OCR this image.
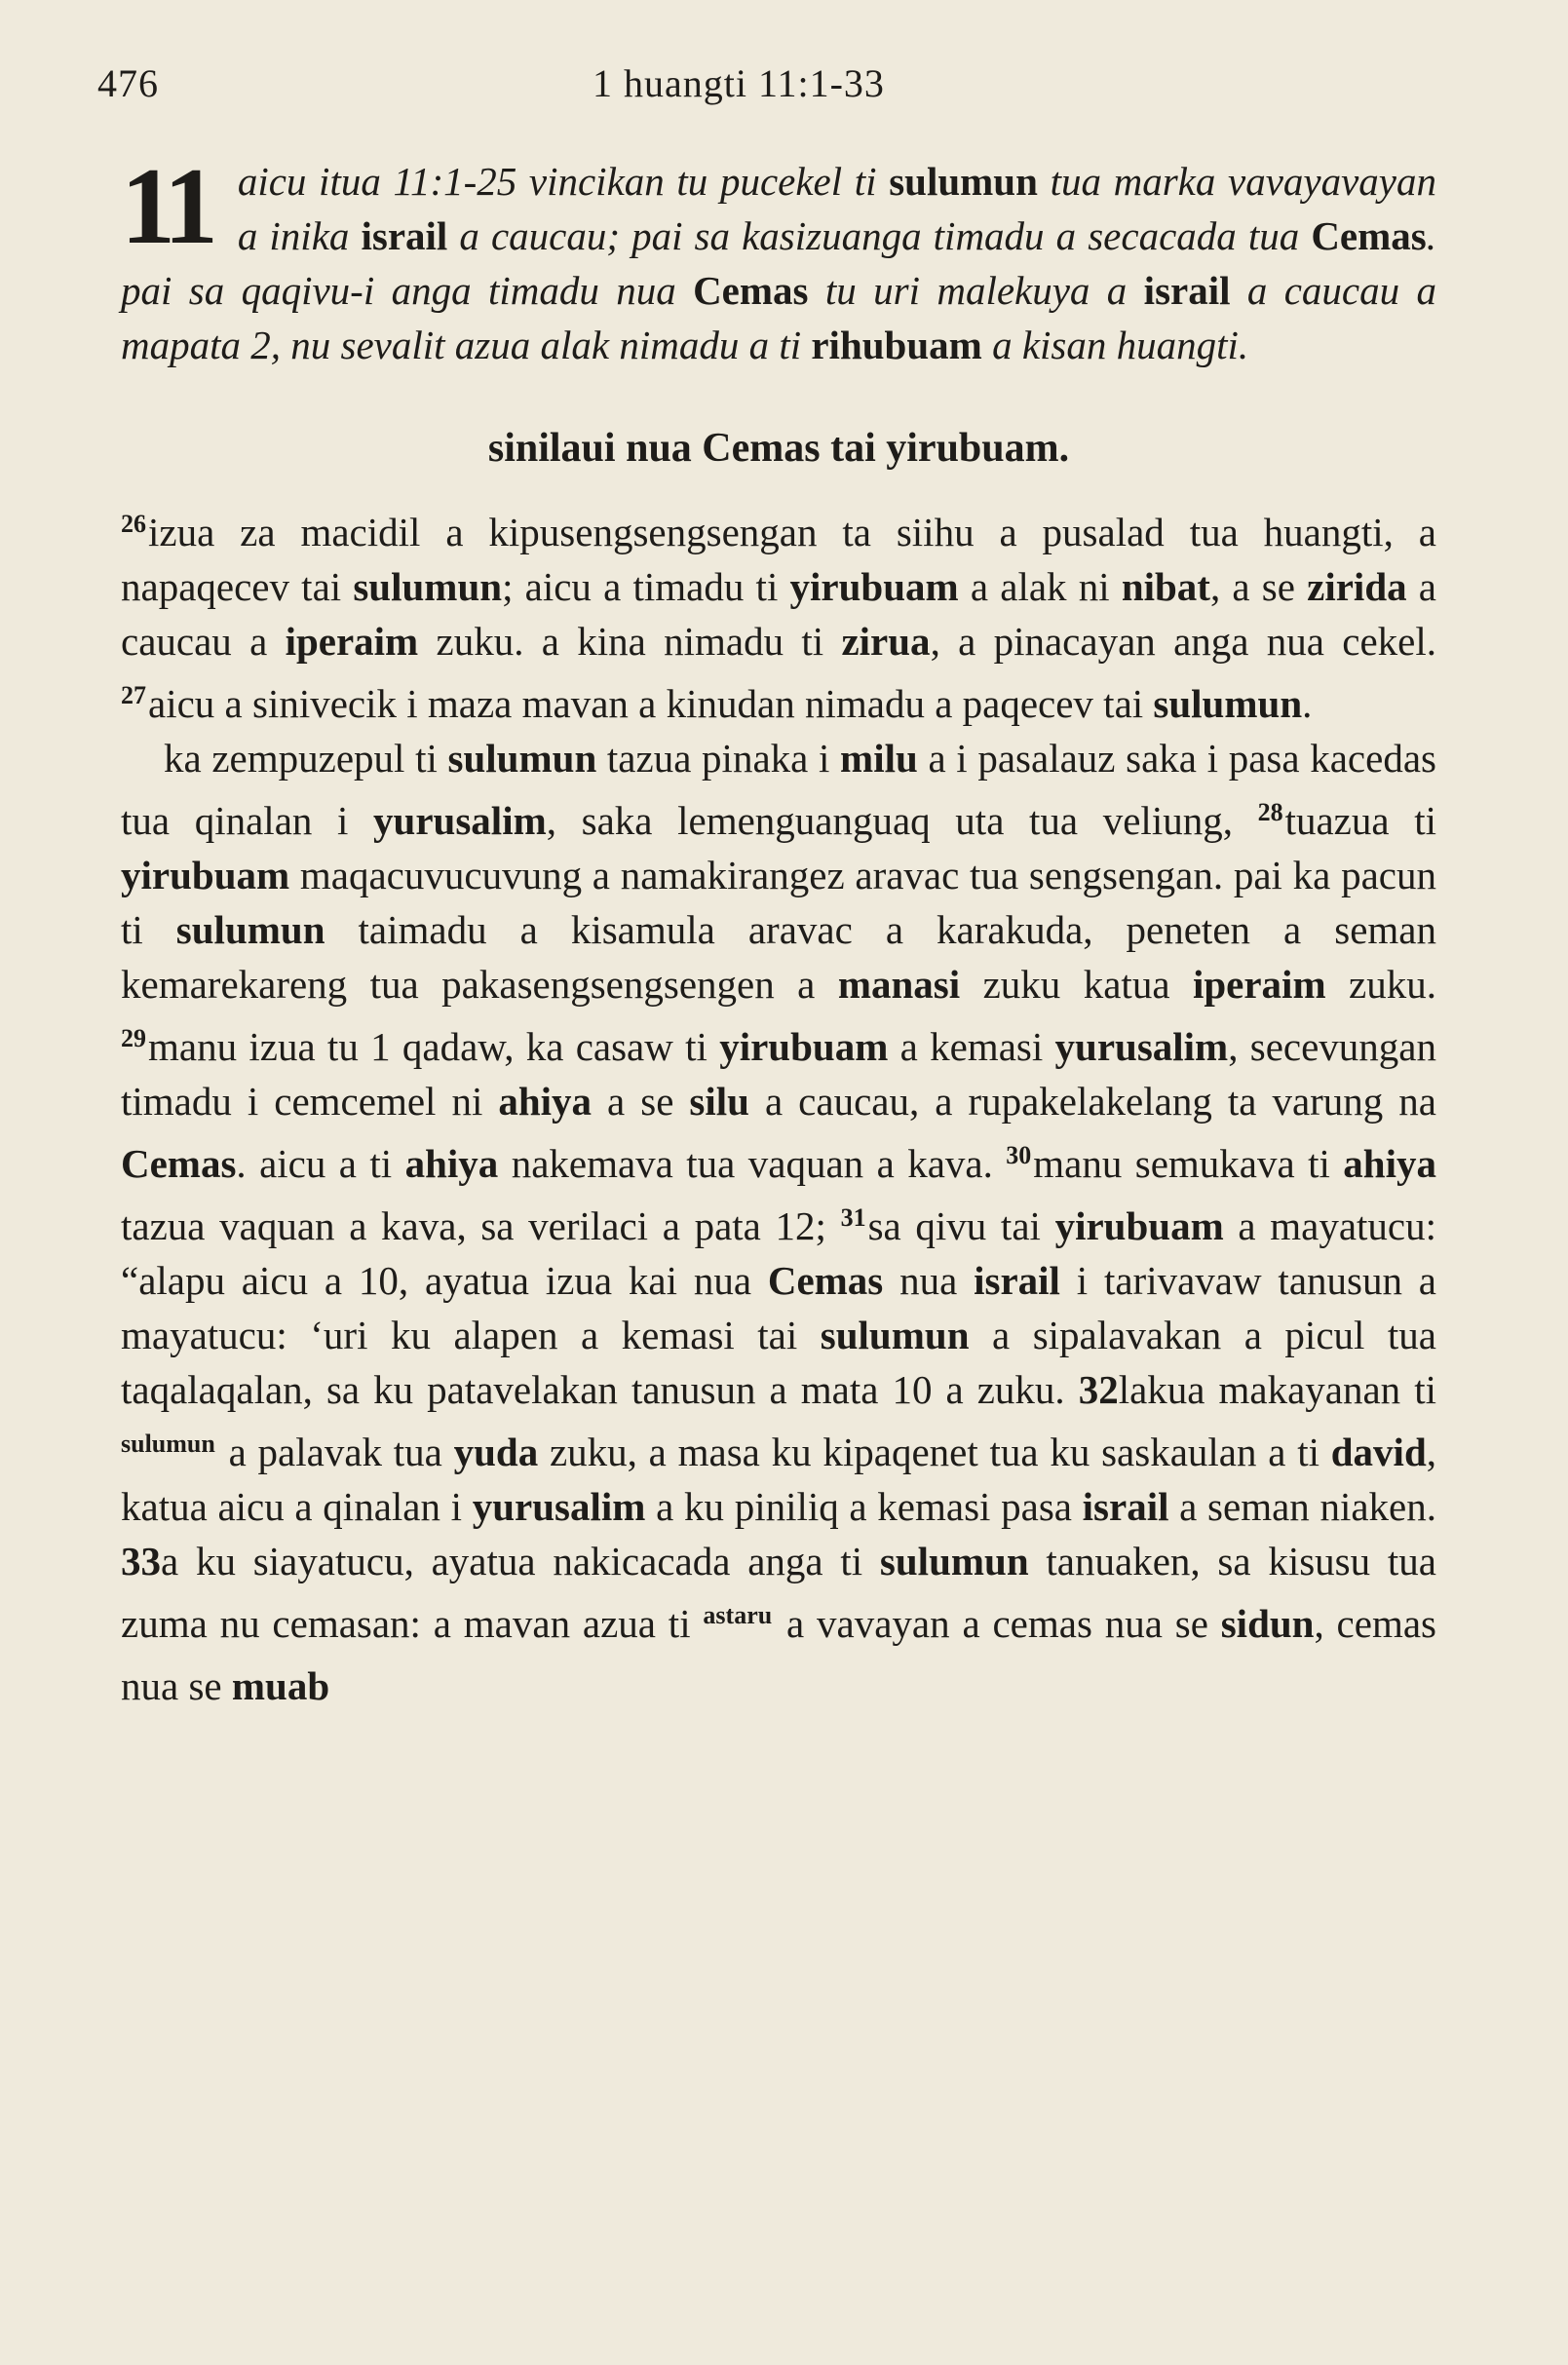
476	1 huangti 11:1-33
11 aicu itua 11:1-25 vincikan tu pucekel ti sulumun tua marka vavayavayan a inika israil a caucau; pai sa kasizuanga timadu a secacada tua Cemas. pai sa qaqivu-i anga timadu nua Cemas tu uri malekuya a israil a caucau a mapata 2, nu sevalit azua alak nimadu a ti rihubuam a kisan huangti.
sinilaui nua Cemas tai yirubuam.

$^{26}$izua za macidil a kipusengsengsengan ta siihu a pusalad tua huangti, a napaqecev tai sulumun; aicu a timadu ti yirubuam a alak ni nibat, a se zirida a caucau a iperaim zuku. a kina nimadu ti zirua, a pinacayan anga nua cekel. $^{27}$aicu a sinivecik i maza mavan a kinudan nimadu a paqecev tai sulumun.

ka zempuzepul ti sulumun tazua pinaka i milu a i pasalauz saka i pasa kacedas tua qinalan i yurusalim, saka lemenguanguaq uta tua veliung, $^{28}$tuazua ti yirubuam maqacuvucuvung a namakirangez aravac tua sengsengan. pai ka pacun ti sulumun taimadu a kisamula aravac a karakuda, peneten a seman kemarekareng tua pakasengsengsengen a manasi zuku katua iperaim zuku. $^{29}$manu izua tu 1 qadaw, ka casaw ti yirubuam a kemasi yurusalim, secevungan timadu i cemcemel ni ahiya a se silu a caucau, a rupakelakelang ta varung na Cemas. aicu a ti ahiya nakemava tua vaquan a kava. $^{30}$manu semukava ti ahiya tazua vaquan a kava, sa verilaci a pata 12; $^{31}$sa qivu tai yirubuam a mayatucu: “alapu aicu a 10, ayatua izua kai nua Cemas nua israil i tarivavaw tanusun a mayatucu: ‘uri ku alapen a kemasi tai sulumun a sipalavakan a picul tua taqalaqalan, sa ku patavelakan tanusun a mata 10 a zuku. 32lakua makayanan ti $^{sulumun}$ a palavak tua yuda zuku, a masa ku kipaqenet tua ku saskaulan a ti david, katua aicu a qinalan i yurusalim a ku piniliq a kemasi pasa israil a seman niaken. 33a ku siayatucu, ayatua nakicacada anga ti sulumun tanuaken, sa kisusu tua zuma nu cemasan: a mavan azua ti $^{astaru}$ a vavayan a cemas nua se sidun, cemas nua se muab
